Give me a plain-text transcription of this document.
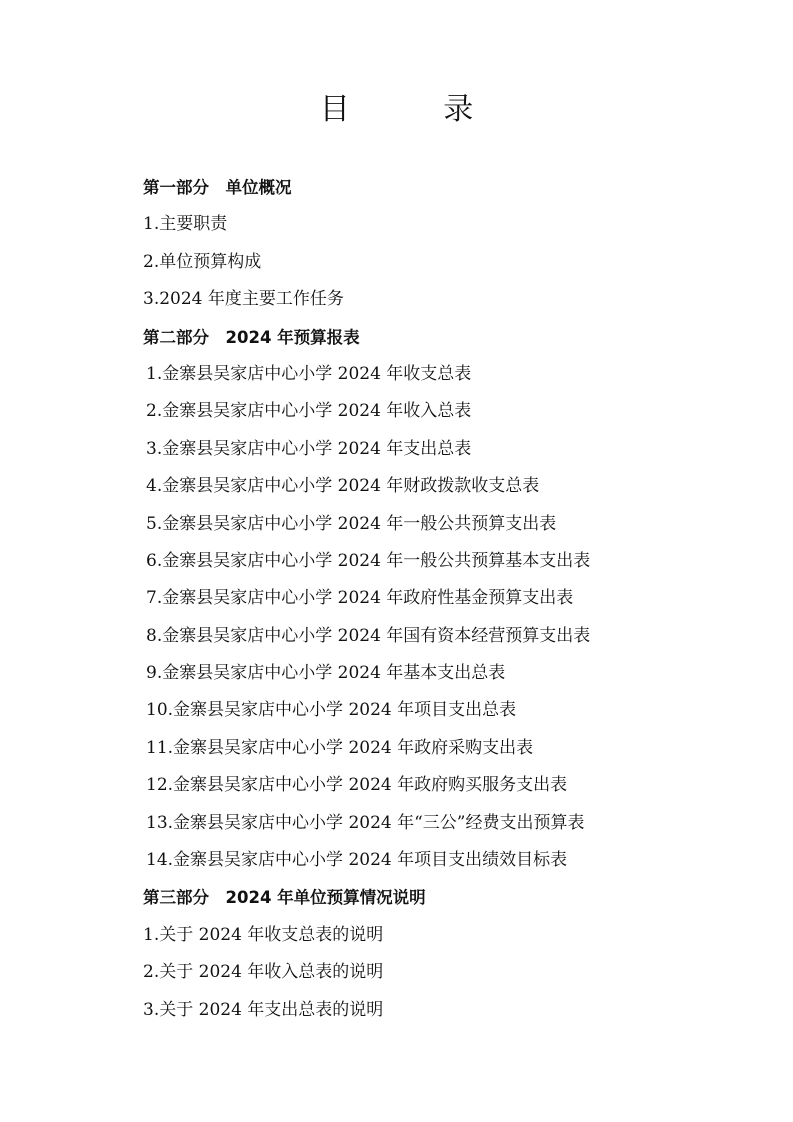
目 录
第一部分　单位概况
1.主要职责
2.单位预算构成
3.2024 年度主要工作任务
第二部分　2024 年预算报表
1.金寨县吴家店中心小学 2024 年收支总表
2.金寨县吴家店中心小学 2024 年收入总表
3.金寨县吴家店中心小学 2024 年支出总表
4.金寨县吴家店中心小学 2024 年财政拨款收支总表
5.金寨县吴家店中心小学 2024 年一般公共预算支出表
6.金寨县吴家店中心小学 2024 年一般公共预算基本支出表
7.金寨县吴家店中心小学 2024 年政府性基金预算支出表
8.金寨县吴家店中心小学 2024 年国有资本经营预算支出表
9.金寨县吴家店中心小学 2024 年基本支出总表
10.金寨县吴家店中心小学 2024 年项目支出总表
11.金寨县吴家店中心小学 2024 年政府采购支出表
12.金寨县吴家店中心小学 2024 年政府购买服务支出表
13.金寨县吴家店中心小学 2024 年“三公”经费支出预算表
14.金寨县吴家店中心小学 2024 年项目支出绩效目标表
第三部分　2024 年单位预算情况说明
1.关于 2024 年收支总表的说明
2.关于 2024 年收入总表的说明
3.关于 2024 年支出总表的说明
